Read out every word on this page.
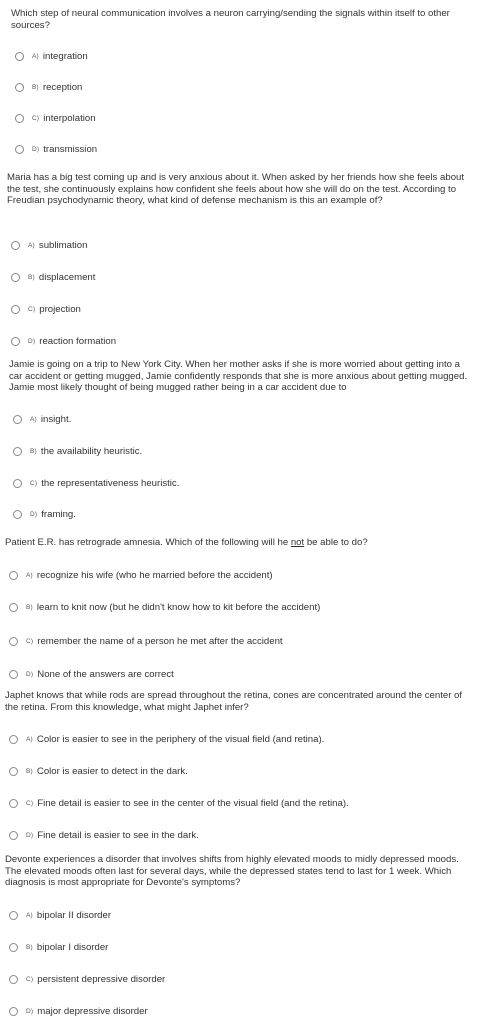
Which step of neural communication involves a neuron carrying/sending the signals within itself to other sources?

A) integration
B) reception
C) interpolation
D) transmission

Maria has a big test coming up and is very anxious about it. When asked by her friends how she feels about the test, she continuously explains how confident she feels about how she will do on the test. According to Freudian psychodynamic theory, what kind of defense mechanism is this an example of?

A) sublimation
B) displacement
C) projection
D) reaction formation

Jamie is going on a trip to New York City. When her mother asks if she is more worried about getting into a car accident or getting mugged, Jamie confidently responds that she is more anxious about getting mugged. Jamie most likely thought of being mugged rather being in a car accident due to

A) insight.
B) the availability heuristic.
C) the representativeness heuristic.
D) framing.

Patient E.R. has retrograde amnesia. Which of the following will he not be able to do?

A) recognize his wife (who he married before the accident)
B) learn to knit now (but he didn't know how to kit before the accident)
C) remember the name of a person he met after the accident
D) None of the answers are correct

Japhet knows that while rods are spread throughout the retina, cones are concentrated around the center of the retina. From this knowledge, what might Japhet infer?

A) Color is easier to see in the periphery of the visual field (and retina).
B) Color is easier to detect in the dark.
C) Fine detail is easier to see in the center of the visual field (and the retina).
D) Fine detail is easier to see in the dark.

Devonte experiences a disorder that involves shifts from highly elevated moods to midly depressed moods. The elevated moods often last for several days, while the depressed states tend to last for 1 week. Which diagnosis is most appropriate for Devonte's symptoms?

A) bipolar II disorder
B) bipolar I disorder
C) persistent depressive disorder
D) major depressive disorder
